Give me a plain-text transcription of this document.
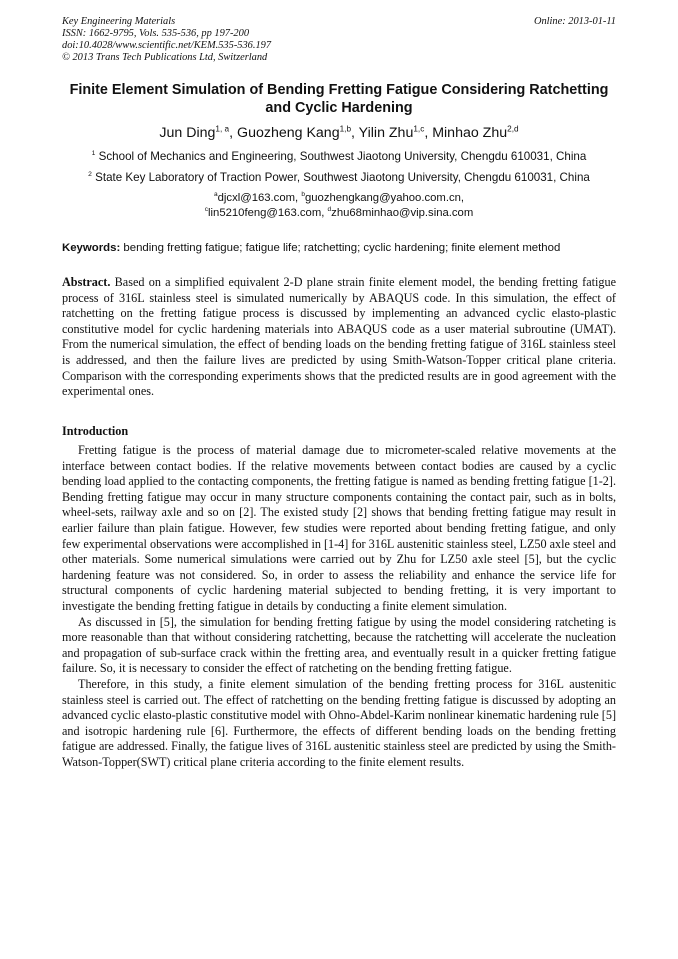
Key Engineering Materials
ISSN: 1662-9795, Vols. 535-536, pp 197-200
doi:10.4028/www.scientific.net/KEM.535-536.197
© 2013 Trans Tech Publications Ltd, Switzerland
Online: 2013-01-11
Finite Element Simulation of Bending Fretting Fatigue Considering Ratchetting and Cyclic Hardening
Jun Ding$^{1, a}$, Guozheng Kang$^{1,b}$, Yilin Zhu$^{1,c}$, Minhao Zhu$^{2,d}$
$^1$ School of Mechanics and Engineering, Southwest Jiaotong University, Chengdu 610031, China
$^2$ State Key Laboratory of Traction Power, Southwest Jiaotong University, Chengdu 610031, China
$^a$djcxl@163.com, $^b$guozhengkang@yahoo.com.cn,
$^c$lin5210feng@163.com, $^d$zhu68minhao@vip.sina.com
Keywords: bending fretting fatigue; fatigue life; ratchetting; cyclic hardening; finite element method
Abstract. Based on a simplified equivalent 2-D plane strain finite element model, the bending fretting fatigue process of 316L stainless steel is simulated numerically by ABAQUS code. In this simulation, the effect of ratchetting on the fretting fatigue process is discussed by implementing an advanced cyclic elasto-plastic constitutive model for cyclic hardening materials into ABAQUS code as a user material subroutine (UMAT). From the numerical simulation, the effect of bending loads on the bending fretting fatigue of 316L stainless steel is addressed, and then the failure lives are predicted by using Smith-Watson-Topper critical plane criteria. Comparison with the corresponding experiments shows that the predicted results are in good agreement with the experimental ones.
Introduction

Fretting fatigue is the process of material damage due to micrometer-scaled relative movements at the interface between contact bodies. If the relative movements between contact bodies are caused by a cyclic bending load applied to the contacting components, the fretting fatigue is named as bending fretting fatigue [1-2]. Bending fretting fatigue may occur in many structure components containing the contact pair, such as in bolts, wheel-sets, railway axle and so on [2]. The existed study [2] shows that bending fretting fatigue may result in earlier failure than plain fatigue. However, few studies were reported about bending fretting fatigue, and only few experimental observations were accomplished in [1-4] for 316L austenitic stainless steel, LZ50 axle steel and other materials. Some numerical simulations were carried out by Zhu for LZ50 axle steel [5], but the cyclic hardening feature was not considered. So, in order to assess the reliability and enhance the service life for structural components of cyclic hardening material subjected to bending fretting, it is very important to investigate the bending fretting fatigue in details by conducting a finite element simulation.

As discussed in [5], the simulation for bending fretting fatigue by using the model considering ratcheting is more reasonable than that without considering ratchetting, because the ratchetting will accelerate the nucleation and propagation of sub-surface crack within the fretting area, and eventually result in a quicker fretting fatigue failure. So, it is necessary to consider the effect of ratcheting on the bending fretting fatigue.

Therefore, in this study, a finite element simulation of the bending fretting process for 316L austenitic stainless steel is carried out. The effect of ratchetting on the bending fretting fatigue is discussed by adopting an advanced cyclic elasto-plastic constitutive model with Ohno-Abdel-Karim nonlinear kinematic hardening rule [5] and isotropic hardening rule [6]. Furthermore, the effects of different bending loads on the bending fretting fatigue are addressed. Finally, the fatigue lives of 316L austenitic stainless steel are predicted by using the Smith-Watson-Topper(SWT) critical plane criteria according to the finite element results.
